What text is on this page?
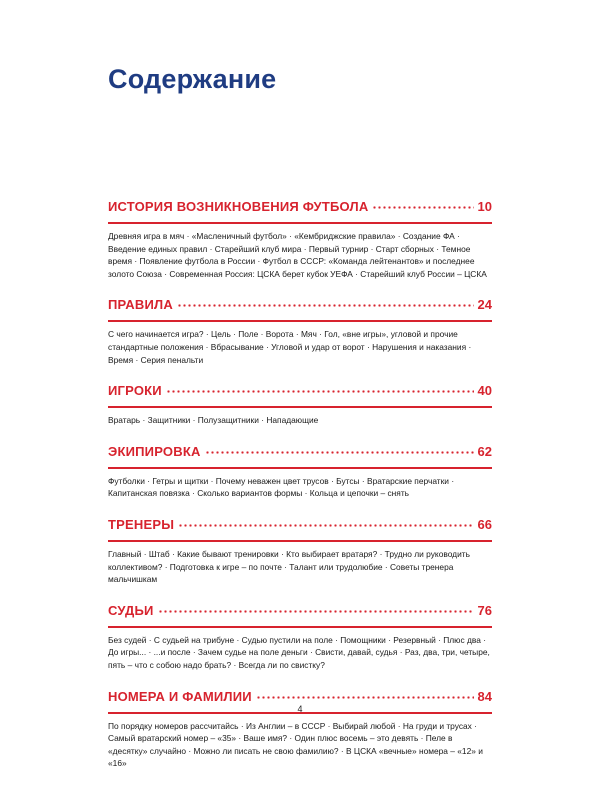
Содержание
ИСТОРИЯ ВОЗНИКНОВЕНИЯ ФУТБОЛА	10
Древняя игра в мяч · «Масленичный футбол» · «Кембриджские правила» · Создание ФА · Введение единых правил · Старейший клуб мира · Первый турнир · Старт сборных · Темное время · Появление футбола в России · Футбол в СССР: «Команда лейтенантов» и последнее золото Союза · Современная Россия: ЦСКА берет кубок УЕФА · Старейший клуб России – ЦСКА
ПРАВИЛА	24
С чего начинается игра? · Цель · Поле · Ворота · Мяч · Гол, «вне игры», угловой и прочие стандартные положения · Вбрасывание · Угловой и удар от ворот · Нарушения и наказания · Время · Серия пенальти
ИГРОКИ	40
Вратарь · Защитники · Полузащитники · Нападающие
ЭКИПИРОВКА	62
Футболки · Гетры и щитки · Почему неважен цвет трусов · Бутсы · Вратарские перчатки · Капитанская повязка · Сколько вариантов формы · Кольца и цепочки – снять
ТРЕНЕРЫ	66
Главный · Штаб · Какие бывают тренировки · Кто выбирает вратаря? · Трудно ли руководить коллективом? · Подготовка к игре – по почте · Талант или трудолюбие · Советы тренера мальчишкам
СУДЬИ	76
Без судей · С судьей на трибуне · Судью пустили на поле · Помощники · Резервный · Плюс два · До игры... · ...и после · Зачем судье на поле деньги · Свисти, давай, судья · Раз, два, три, четыре, пять – что с собою надо брать? · Всегда ли по свистку?
НОМЕРА И ФАМИЛИИ	84
По порядку номеров рассчитайсь · Из Англии – в СССР · Выбирай любой · На груди и трусах · Самый вратарский номер – «35» · Ваше имя? · Один плюс восемь – это девять · Пеле в «десятку» случайно · Можно ли писать не свою фамилию? · В ЦСКА «вечные» номера – «12» и «16»
4
